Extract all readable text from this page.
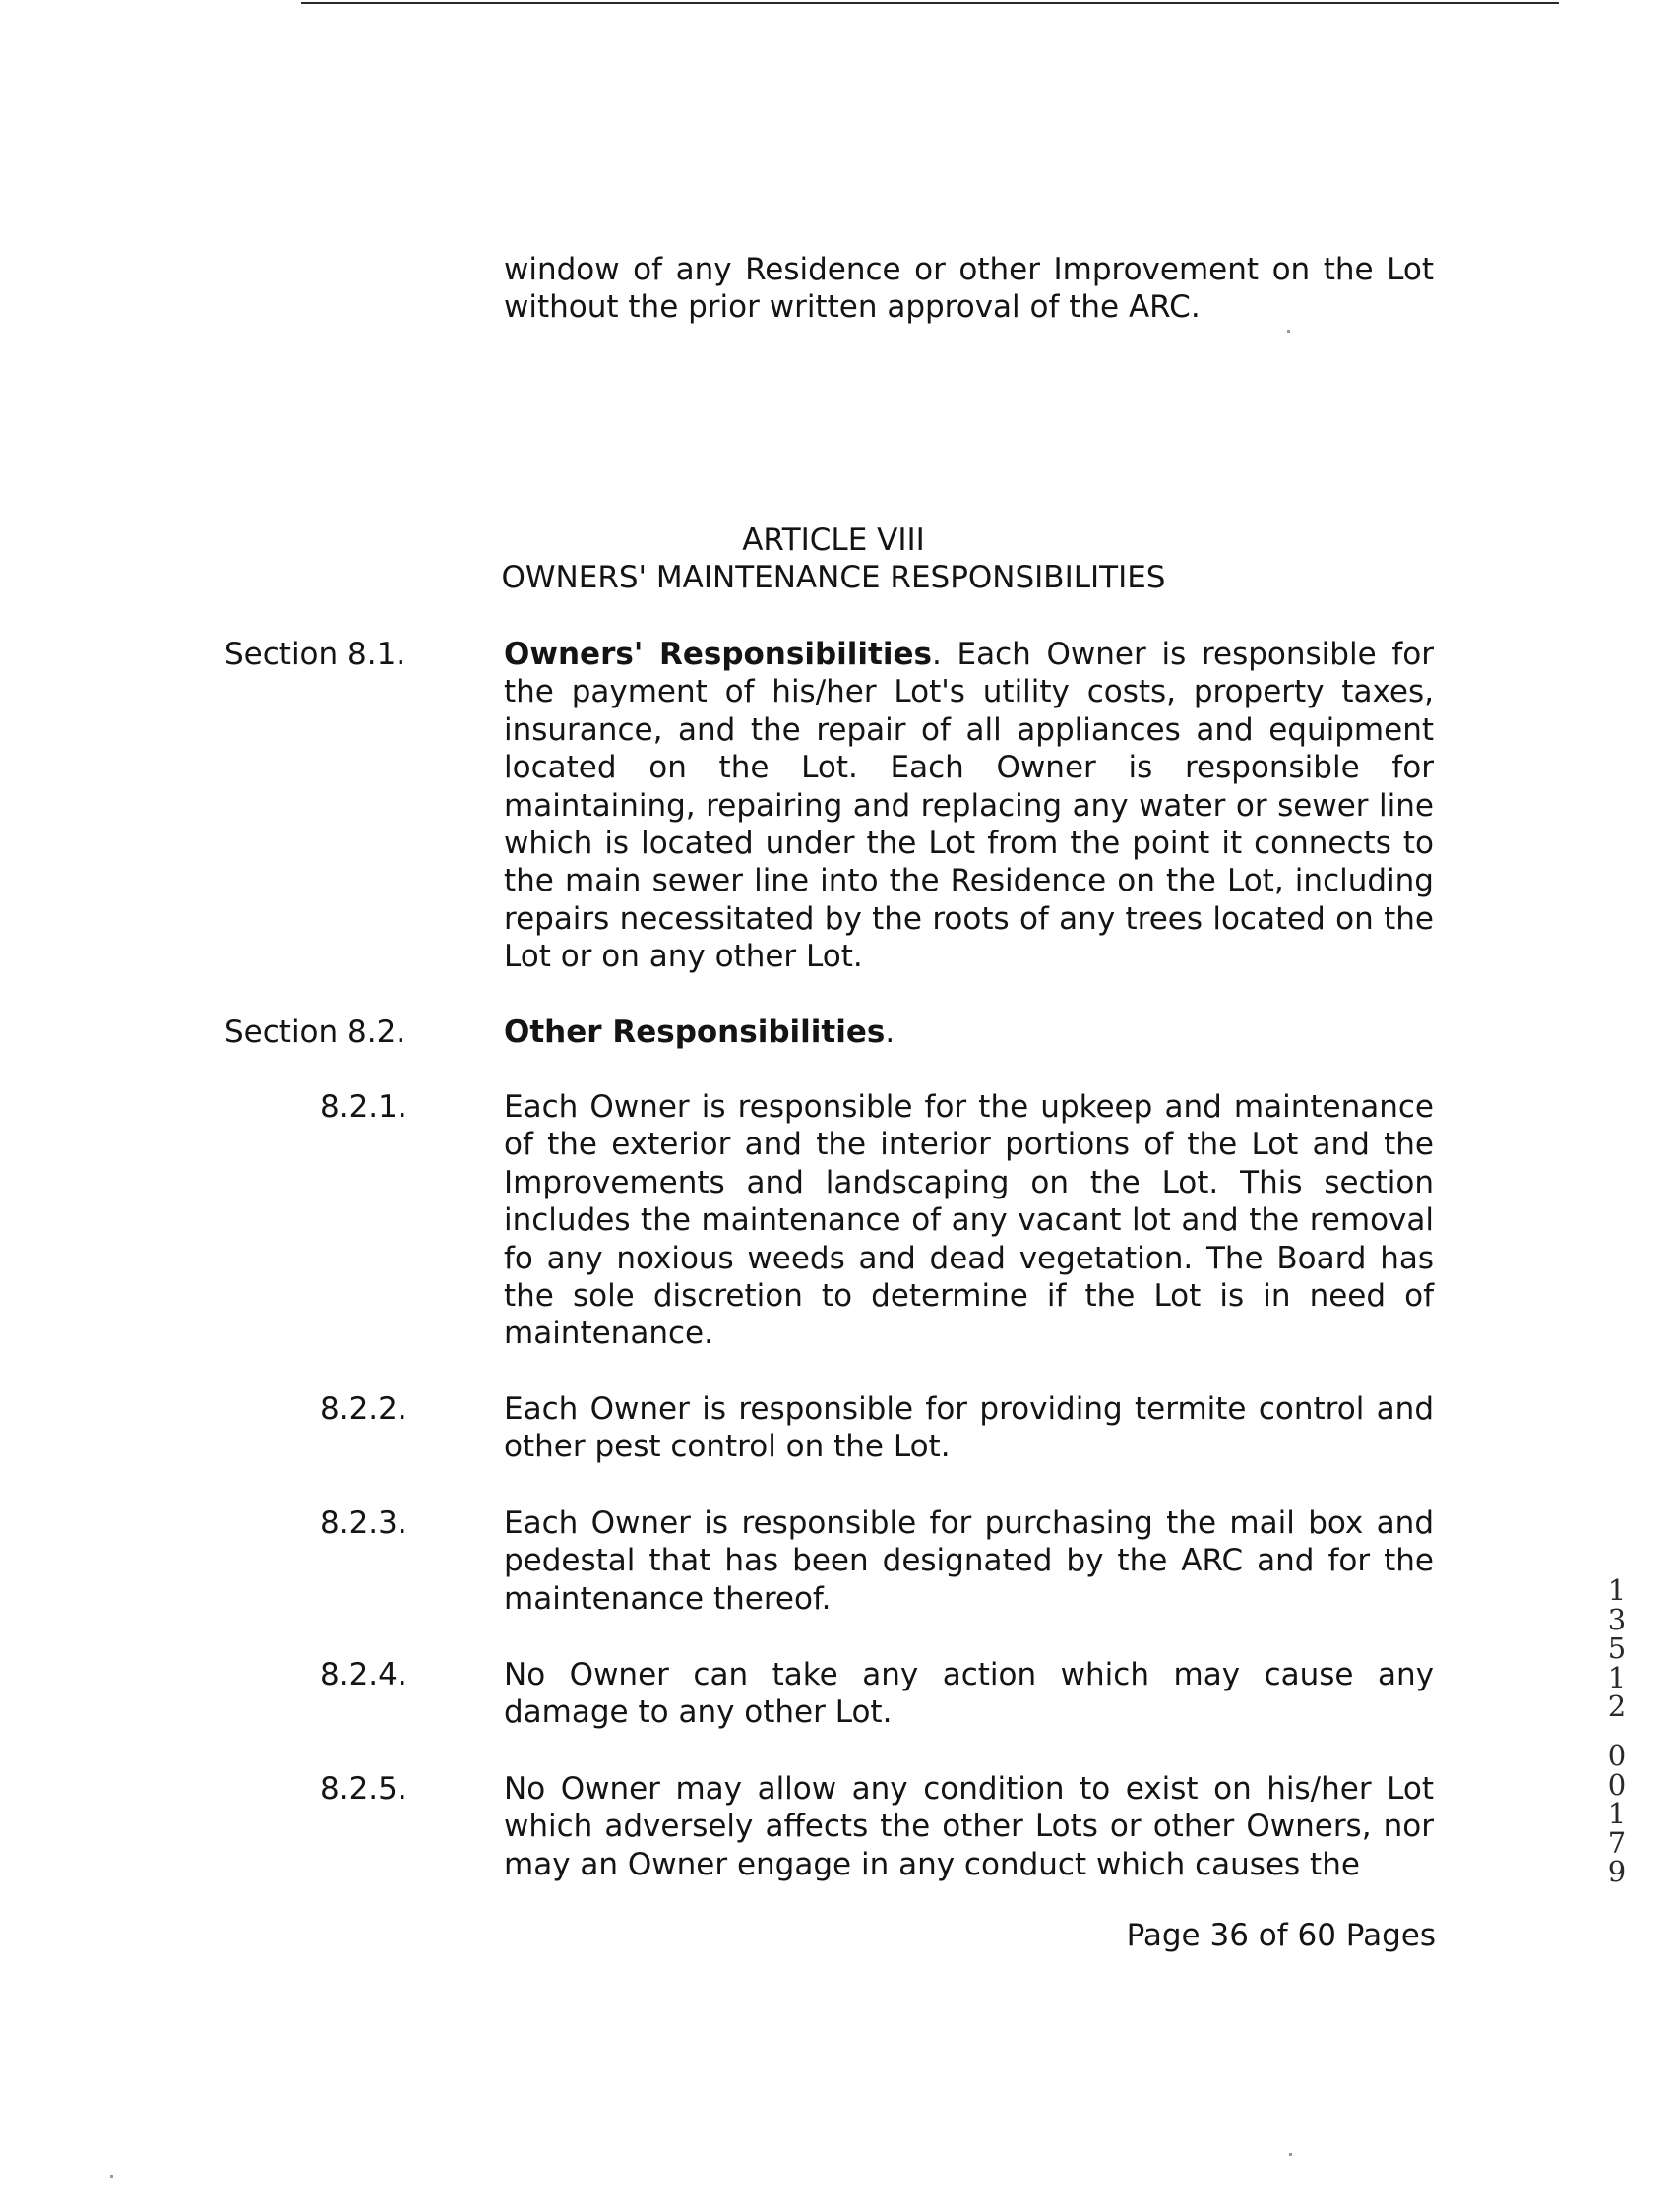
window of any Residence or other Improvement on the Lot without the prior written approval of the ARC.
ARTICLE VIII
OWNERS' MAINTENANCE RESPONSIBILITIES
Section 8.1.	Owners' Responsibilities. Each Owner is responsible for the payment of his/her Lot's utility costs, property taxes, insurance, and the repair of all appliances and equipment located on the Lot. Each Owner is responsible for maintaining, repairing and replacing any water or sewer line which is located under the Lot from the point it connects to the main sewer line into the Residence on the Lot, including repairs necessitated by the roots of any trees located on the Lot or on any other Lot.
Section 8.2.	Other Responsibilities.
8.2.1.	Each Owner is responsible for the upkeep and maintenance of the exterior and the interior portions of the Lot and the Improvements and landscaping on the Lot. This section includes the maintenance of any vacant lot and the removal fo any noxious weeds and dead vegetation. The Board has the sole discretion to determine if the Lot is in need of maintenance.
8.2.2.	Each Owner is responsible for providing termite control and other pest control on the Lot.
8.2.3.	Each Owner is responsible for purchasing the mail box and pedestal that has been designated by the ARC and for the maintenance thereof.
8.2.4.	No Owner can take any action which may cause any damage to any other Lot.
8.2.5.	No Owner may allow any condition to exist on his/her Lot which adversely affects the other Lots or other Owners, nor may an Owner engage in any conduct which causes the
Page 36 of 60 Pages
1
3
5
1
2
0
0
1
7
9
